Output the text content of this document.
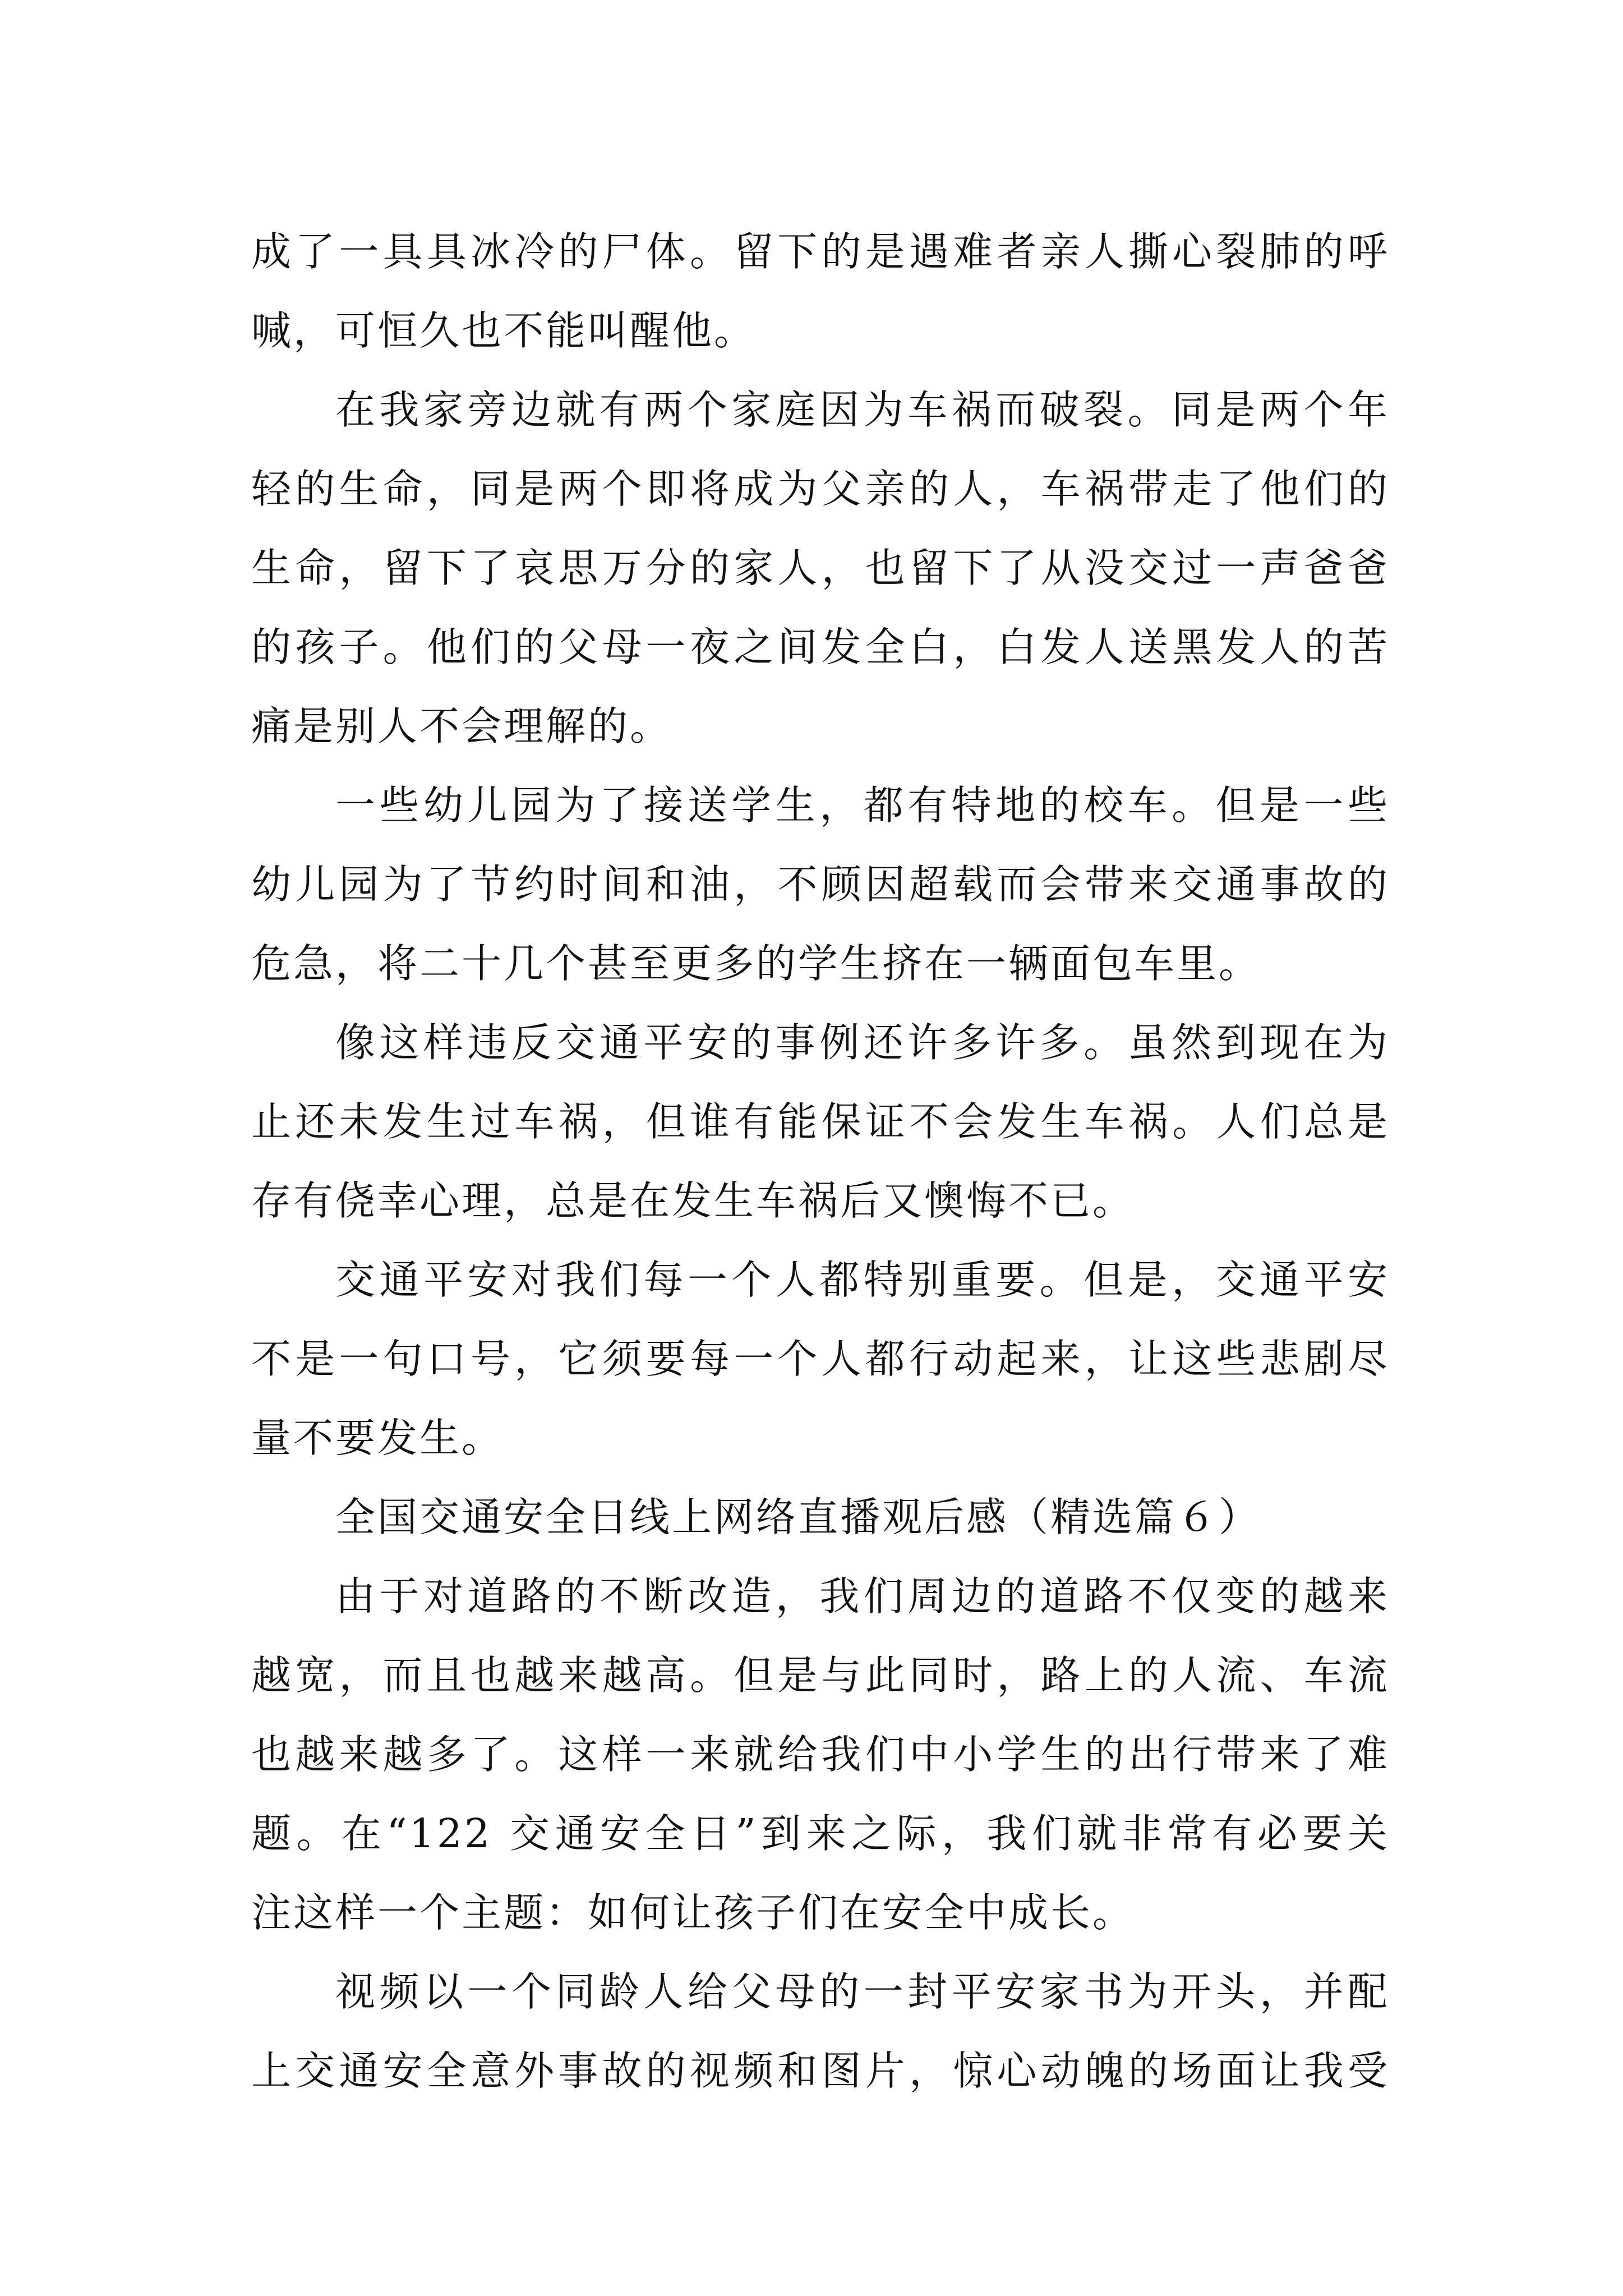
成了一具具冰冷的尸体。留下的是遇难者亲人撕心裂肺的呼
喊，可恒久也不能叫醒他。
在我家旁边就有两个家庭因为车祸而破裂。同是两个年
轻的生命，同是两个即将成为父亲的人，车祸带走了他们的
生命，留下了哀思万分的家人，也留下了从没交过一声爸爸
的孩子。他们的父母一夜之间发全白，白发人送黑发人的苦
痛是别人不会理解的。
一些幼儿园为了接送学生，都有特地的校车。但是一些
幼儿园为了节约时间和油，不顾因超载而会带来交通事故的
危急，将二十几个甚至更多的学生挤在一辆面包车里。
像这样违反交通平安的事例还许多许多。虽然到现在为
止还未发生过车祸，但谁有能保证不会发生车祸。人们总是
存有侥幸心理，总是在发生车祸后又懊悔不已。
交通平安对我们每一个人都特别重要。但是，交通平安
不是一句口号，它须要每一个人都行动起来，让这些悲剧尽
量不要发生。
全国交通安全日线上网络直播观后感（精选篇６）
由于对道路的不断改造，我们周边的道路不仅变的越来
越宽，而且也越来越高。但是与此同时，路上的人流、车流
也越来越多了。这样一来就给我们中小学生的出行带来了难
题。在“122 交通安全日”到来之际，我们就非常有必要关
注这样一个主题：如何让孩子们在安全中成长。
视频以一个同龄人给父母的一封平安家书为开头，并配
上交通安全意外事故的视频和图片，惊心动魄的场面让我受
